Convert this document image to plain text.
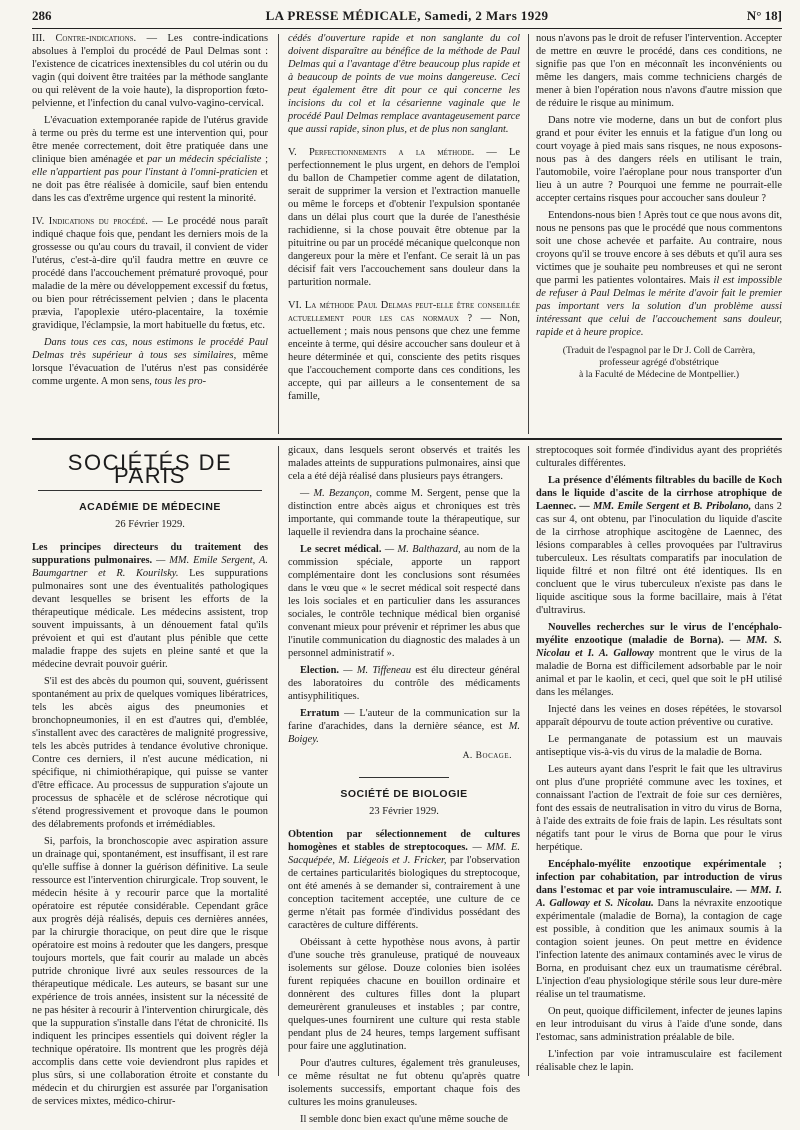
286	LA PRESSE MÉDICALE, Samedi, 2 Mars 1929	N° 18]

III. Contre-indications. — Les contre-indications absolues à l'emploi du procédé de Paul Delmas sont : l'existence de cicatrices inextensibles du col utérin ou du vagin (qui doivent être traitées par la méthode sanglante ou qui relèvent de la voie haute), la disproportion fœto-pelvienne, et l'infection du canal vulvo-vagino-cervical.

L'évacuation extemporanée rapide de l'utérus gravide à terme ou près du terme est une intervention qui, pour être menée correctement, doit être pratiquée dans une clinique bien aménagée et par un médecin spécialiste ; elle n'appartient pas pour l'instant à l'omni-praticien et ne doit pas être réalisée à domicile, sauf bien entendu dans les cas d'extrême urgence qui restent la minorité.

IV. Indications du procédé. — Le procédé nous paraît indiqué chaque fois que, pendant les derniers mois de la grossesse ou qu'au cours du travail, il convient de vider l'utérus, c'est-à-dire qu'il faudra mettre en œuvre ce procédé dans l'accouchement prématuré provoqué, pour maladie de la mère ou développement excessif du fœtus, ou bien pour rétrécissement pelvien ; dans le placenta prævia, l'apoplexie utéro-placentaire, la toxémie gravidique, l'éclampsie, la mort habituelle du fœtus, etc.

Dans tous ces cas, nous estimons le procédé Paul Delmas très supérieur à tous ses similaires, même lorsque l'évacuation de l'utérus n'est pas considérée comme urgente. A mon sens, tous les pro-

cédés d'ouverture rapide et non sanglante du col doivent disparaître au bénéfice de la méthode de Paul Delmas qui a l'avantage d'être beaucoup plus rapide et à beaucoup de points de vue moins dangereuse. Ceci peut également être dit pour ce qui concerne les incisions du col et la césarienne vaginale que le procédé Paul Delmas remplace avantageusement parce que aussi rapide, sinon plus, et de plus non sanglant.

V. Perfectionnements a la méthode. — Le perfectionnement le plus urgent, en dehors de l'emploi du ballon de Champetier comme agent de dilatation, serait de supprimer la version et l'extraction manuelle ou même le forceps et d'obtenir l'expulsion spontanée dans un délai plus court que la durée de l'anesthésie rachidienne, si la chose pouvait être obtenue par la pituitrine ou par un procédé mécanique quelconque non dangereux pour la mère et l'enfant. Ce serait là un pas décisif fait vers l'accouchement sans douleur dans la parturition normale.

VI. La méthode Paul Delmas peut-elle être conseillée actuellement pour les cas normaux ? — Non, actuellement ; mais nous pensons que chez une femme enceinte à terme, qui désire accoucher sans douleur et à heure déterminée et qui, consciente des petits risques que l'accouchement comporte dans ces conditions, les accepte, qui par ailleurs a le consentement de sa famille,

nous n'avons pas le droit de refuser l'intervention. Accepter de mettre en œuvre le procédé, dans ces conditions, ne signifie pas que l'on en méconnaît les inconvénients ou même les dangers, mais comme techniciens chargés de mener à bien l'opération nous n'avons d'autre mission que de réduire le risque au minimum.

Dans notre vie moderne, dans un but de confort plus grand et pour éviter les ennuis et la fatigue d'un long ou court voyage à pied mais sans risques, ne nous exposons-nous pas à des dangers réels en utilisant le train, l'automobile, voire l'aéroplane pour nous transporter d'un lieu à un autre ? Pourquoi une femme ne pourrait-elle accepter certains risques pour accoucher sans douleur ?

Entendons-nous bien ! Après tout ce que nous avons dit, nous ne pensons pas que le procédé que nous commentons soit une chose achevée et parfaite. Au contraire, nous croyons qu'il se trouve encore à ses débuts et qu'il aura ses victimes que je souhaite peu nombreuses et qui ne seront que parmi les patientes volontaires. Mais il est impossible de refuser à Paul Delmas le mérite d'avoir fait le premier pas important vers la solution d'un problème aussi intéressant que celui de l'accouchement sans douleur, rapide et à heure propice.

(Traduit de l'espagnol par le Dr J. Coll de Carrèra,
professeur agrégé d'obstétrique
à la Faculté de Médecine de Montpellier.)
SOCIÉTÉS DE PARIS
ACADÉMIE DE MÉDECINE
26 Février 1929.

Les principes directeurs du traitement des suppurations pulmonaires. — MM. Emile Sergent, A. Baumgartner et R. Kourilsky. Les suppurations pulmonaires sont une des éventualités pathologiques devant lesquelles se brisent les efforts de la thérapeutique médicale. Les médecins assistent, trop souvent impuissants, à un dénouement fatal qu'ils prévoient et qui est d'autant plus pénible que cette maladie frappe des sujets en pleine santé et que la médecine devrait pouvoir guérir.

S'il est des abcès du poumon qui, souvent, guérissent spontanément au prix de quelques vomiques libératrices, tels les abcès aigus des pneumonies et bronchopneumonies, il en est d'autres qui, d'emblée, s'installent avec des caractères de malignité progressive, tels les abcès putrides à tendance évolutive chronique. Contre ces derniers, il n'est aucune médication, ni spécifique, ni chimiothérapique, qui puisse se vanter d'être efficace. Au processus de suppuration s'ajoute un processus de sphacèle et de sclérose nécrotique qui s'étend progressivement et provoque dans le poumon des délabrements profonds et irrémédiables.

Si, parfois, la bronchoscopie avec aspiration assure un drainage qui, spontanément, est insuffisant, il est rare qu'elle suffise à donner la guérison définitive. La seule ressource est l'intervention chirurgicale. Trop souvent, le médecin hésite à y recourir parce que la mortalité opératoire est réputée considérable. Cependant grâce aux progrès déjà réalisés, depuis ces dernières années, par la chirurgie thoracique, on peut dire que le risque opératoire est moins à redouter que les dangers, presque toujours mortels, que fait courir au malade un abcès putride chronique livré aux seules ressources de la thérapeutique médicale. Les auteurs, se basant sur une expérience de trois années, insistent sur la nécessité de ne pas hésiter à recourir à l'intervention chirurgicale, dès que la suppuration s'installe dans l'état de chronicité. Ils indiquent les principes essentiels qui doivent régler la technique opératoire. Ils montrent que les progrès déjà accomplis dans cette voie deviendront plus rapides et plus sûrs, si une collaboration étroite et constante du médecin et du chirurgien est assurée par l'organisation de services mixtes, médico-chirur-

gicaux, dans lesquels seront observés et traités les malades atteints de suppurations pulmonaires, ainsi que cela a été déjà réalisé dans plusieurs pays étrangers.

— M. Bezançon, comme M. Sergent, pense que la distinction entre abcès aigus et chroniques est très importante, qui commande toute la thérapeutique, sur laquelle il reviendra dans la prochaine séance.

Le secret médical. — M. Balthazard, au nom de la commission spéciale, apporte un rapport complémentaire dont les conclusions sont résumées dans le vœu que « le secret médical soit respecté dans les lois sociales et en particulier dans les assurances sociales, le contrôle technique médical bien organisé convenant mieux pour prévenir et réprimer les abus que l'inutile communication du diagnostic des malades à un personnel administratif ».

Election. — M. Tiffeneau est élu directeur général des laboratoires du contrôle des médicaments antisyphilitiques.

Erratum — L'auteur de la communication sur la farine d'arachides, dans la dernière séance, est M. Boigey.

A. Bocage.
SOCIÉTÉ DE BIOLOGIE
23 Février 1929.

Obtention par sélectionnement de cultures homogènes et stables de streptocoques. — MM. E. Sacquépée, M. Liégeois et J. Fricker, par l'observation de certaines particularités biologiques du streptocoque, ont été amenés à se demander si, contrairement à une conception tacitement acceptée, une culture de ce germe n'était pas formée d'individus possédant des caractères de culture différents.

Obéissant à cette hypothèse nous avons, à partir d'une souche très granuleuse, pratiqué de nouveaux isolements sur gélose. Douze colonies bien isolées furent repiquées chacune en bouillon ordinaire et donnèrent des cultures filles dont la plupart demeurèrent granuleuses et instables ; par contre, quelques-unes fournirent une culture qui resta stable pendant plus de 24 heures, temps largement suffisant pour faire une agglutination.

Pour d'autres cultures, également très granuleuses, ce même résultat ne fut obtenu qu'après quatre isolements successifs, emportant chaque fois des cultures les moins granuleuses.

Il semble donc bien exact qu'une même souche de

streptocoques soit formée d'individus ayant des propriétés culturales différentes.

La présence d'éléments filtrables du bacille de Koch dans le liquide d'ascite de la cirrhose atrophique de Laennec. — MM. Emile Sergent et B. Pribolano, dans 2 cas sur 4, ont obtenu, par l'inoculation du liquide d'ascite de la cirrhose atrophique ascitogène de Laennec, des lésions comparables à celles provoquées par l'ultravirus tuberculeux. Les résultats comparatifs par inoculation de liquide filtré et non filtré ont été identiques. Ils en concluent que le virus tuberculeux n'existe pas dans le liquide ascitique sous la forme bacillaire, mais à l'état d'ultravirus.

Nouvelles recherches sur le virus de l'encéphalo-myélite enzootique (maladie de Borna). — MM. S. Nicolau et I. A. Galloway montrent que le virus de la maladie de Borna est difficilement adsorbable par le noir animal et par le kaolin, et ceci, quel que soit le pH utilisé dans les mélanges.

Injecté dans les veines en doses répétées, le stovarsol apparaît dépourvu de toute action préventive ou curative.

Le permanganate de potassium est un mauvais antiseptique vis-à-vis du virus de la maladie de Borna.

Les auteurs ayant dans l'esprit le fait que les ultravirus ont plus d'une propriété commune avec les toxines, et connaissant l'action de l'extrait de foie sur ces dernières, font des essais de neutralisation in vitro du virus de Borna, à l'aide des extraits de foie frais de lapin. Les résultats sont négatifs tant pour le virus de Borna que pour le virus herpétique.

Encéphalo-myélite enzootique expérimentale ; infection par cohabitation, par introduction de virus dans l'estomac et par voie intramusculaire. — MM. I. A. Galloway et S. Nicolau. Dans la névraxite enzootique expérimentale (maladie de Borna), la contagion de cage est possible, à condition que les animaux soumis à la contagion soient jeunes. On peut mettre en évidence l'infection latente des animaux contaminés avec le virus de Borna, en produisant chez eux un traumatisme cérébral. L'injection d'eau physiologique stérile sous leur dure-mère réalise un tel traumatisme.

On peut, quoique difficilement, infecter de jeunes lapins en leur introduisant du virus à l'aide d'une sonde, dans l'estomac, sans administration préalable de bile.

L'infection par voie intramusculaire est facilement réalisable chez le lapin.
